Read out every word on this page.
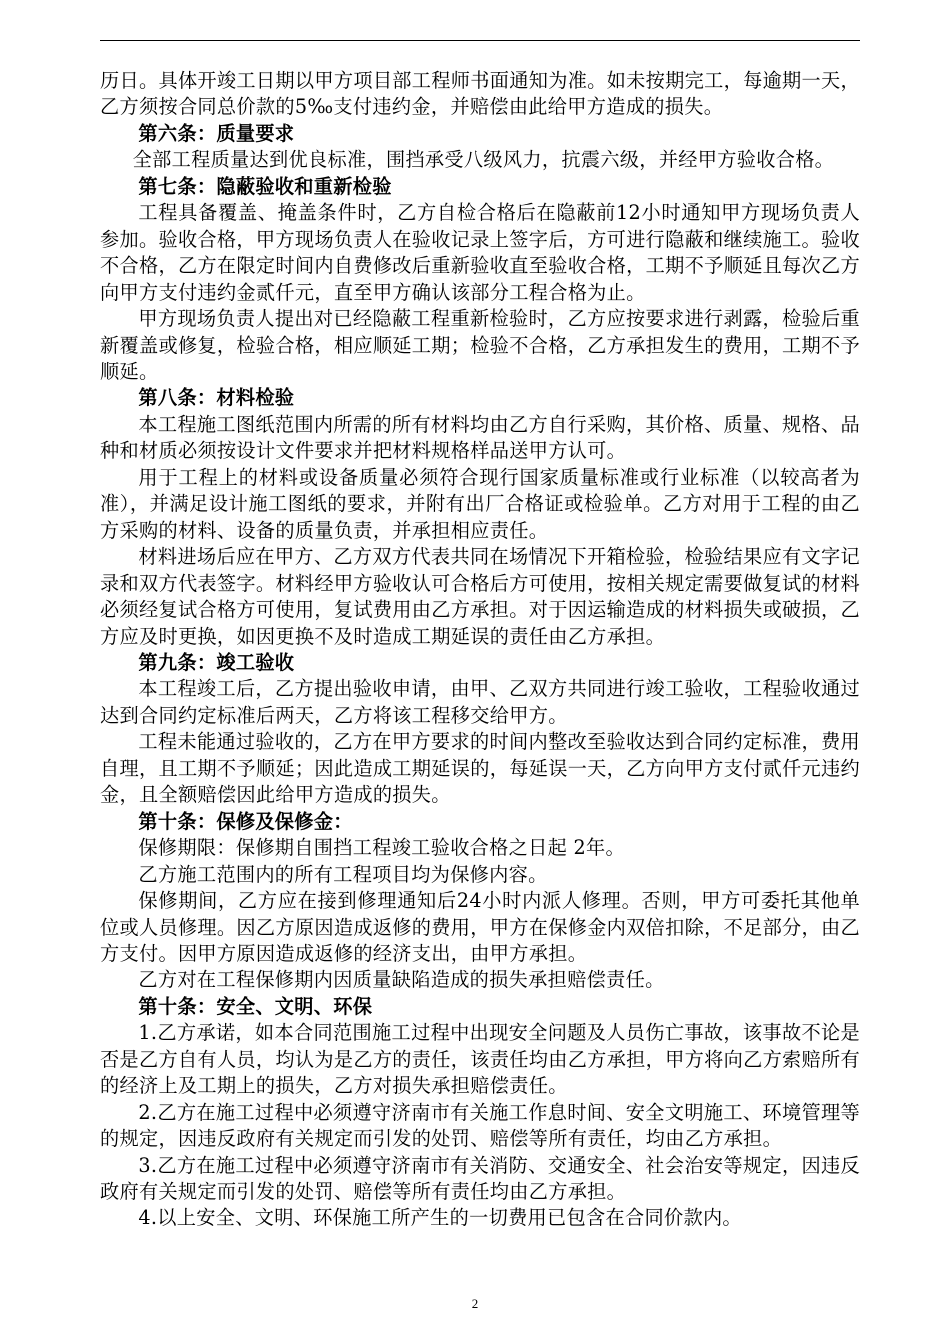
历日。具体开竣工日期以甲方项目部工程师书面通知为准。如未按期完工，每逾期一天，乙方须按合同总价款的5‰支付违约金，并赔偿由此给甲方造成的损失。

第六条：质量要求

全部工程质量达到优良标准，围挡承受八级风力，抗震六级，并经甲方验收合格。

第七条：隐蔽验收和重新检验

工程具备覆盖、掩盖条件时，乙方自检合格后在隐蔽前12小时通知甲方现场负责人参加。验收合格，甲方现场负责人在验收记录上签字后，方可进行隐蔽和继续施工。验收不合格，乙方在限定时间内自费修改后重新验收直至验收合格，工期不予顺延且每次乙方向甲方支付违约金贰仟元，直至甲方确认该部分工程合格为止。

甲方现场负责人提出对已经隐蔽工程重新检验时，乙方应按要求进行剥露，检验后重新覆盖或修复，检验合格，相应顺延工期；检验不合格，乙方承担发生的费用，工期不予顺延。

第八条：材料检验

本工程施工图纸范围内所需的所有材料均由乙方自行采购，其价格、质量、规格、品种和材质必须按设计文件要求并把材料规格样品送甲方认可。

用于工程上的材料或设备质量必须符合现行国家质量标准或行业标准（以较高者为准），并满足设计施工图纸的要求，并附有出厂合格证或检验单。乙方对用于工程的由乙方采购的材料、设备的质量负责，并承担相应责任。

材料进场后应在甲方、乙方双方代表共同在场情况下开箱检验，检验结果应有文字记录和双方代表签字。材料经甲方验收认可合格后方可使用，按相关规定需要做复试的材料必须经复试合格方可使用，复试费用由乙方承担。对于因运输造成的材料损失或破损，乙方应及时更换，如因更换不及时造成工期延误的责任由乙方承担。

第九条：竣工验收

本工程竣工后，乙方提出验收申请，由甲、乙双方共同进行竣工验收，工程验收通过达到合同约定标准后两天，乙方将该工程移交给甲方。

工程未能通过验收的，乙方在甲方要求的时间内整改至验收达到合同约定标准，费用自理，且工期不予顺延；因此造成工期延误的，每延误一天，乙方向甲方支付贰仟元违约金，且全额赔偿因此给甲方造成的损失。

第十条：保修及保修金：

保修期限：保修期自围挡工程竣工验收合格之日起 2年。

乙方施工范围内的所有工程项目均为保修内容。

保修期间，乙方应在接到修理通知后24小时内派人修理。否则，甲方可委托其他单位或人员修理。因乙方原因造成返修的费用，甲方在保修金内双倍扣除，不足部分，由乙方支付。因甲方原因造成返修的经济支出，由甲方承担。

乙方对在工程保修期内因质量缺陷造成的损失承担赔偿责任。

第十条：安全、文明、环保

1.乙方承诺，如本合同范围施工过程中出现安全问题及人员伤亡事故，该事故不论是否是乙方自有人员，均认为是乙方的责任，该责任均由乙方承担，甲方将向乙方索赔所有的经济上及工期上的损失，乙方对损失承担赔偿责任。

2.乙方在施工过程中必须遵守济南市有关施工作息时间、安全文明施工、环境管理等的规定，因违反政府有关规定而引发的处罚、赔偿等所有责任，均由乙方承担。

3.乙方在施工过程中必须遵守济南市有关消防、交通安全、社会治安等规定，因违反政府有关规定而引发的处罚、赔偿等所有责任均由乙方承担。

4.以上安全、文明、环保施工所产生的一切费用已包含在合同价款内。

2
